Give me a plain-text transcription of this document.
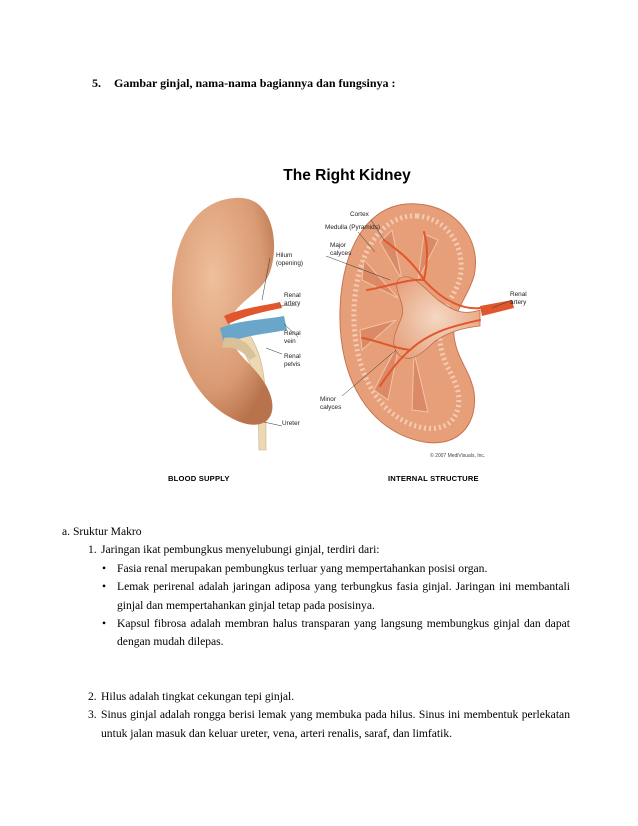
5. Gambar ginjal, nama-nama bagiannya dan fungsinya :
The Right Kidney
Cortex
Medulla (Pyramids)
Major
calyces
Hilum
(opening)
Renal
artery
Renal
vein
Renal
pelvis
Ureter
Renal
artery
Minor
calyces
© 2007 MediVisuals, Inc.
BLOOD SUPPLY	INTERNAL STRUCTURE

a. Sruktur Makro

1. Jaringan ikat pembungkus menyelubungi ginjal, terdiri dari:
• Fasia renal merupakan pembungkus terluar yang mempertahankan posisi organ.
• Lemak perirenal adalah jaringan adiposa yang terbungkus fasia ginjal. Jaringan ini membantali ginjal dan mempertahankan ginjal tetap pada posisinya.
• Kapsul fibrosa adalah membran halus transparan yang langsung membungkus ginjal dan dapat dengan mudah dilepas.
2. Hilus adalah tingkat cekungan tepi ginjal.
3. Sinus ginjal adalah rongga berisi lemak yang membuka pada hilus. Sinus ini membentuk perlekatan untuk jalan masuk dan keluar ureter, vena, arteri renalis, saraf, dan limfatik.
